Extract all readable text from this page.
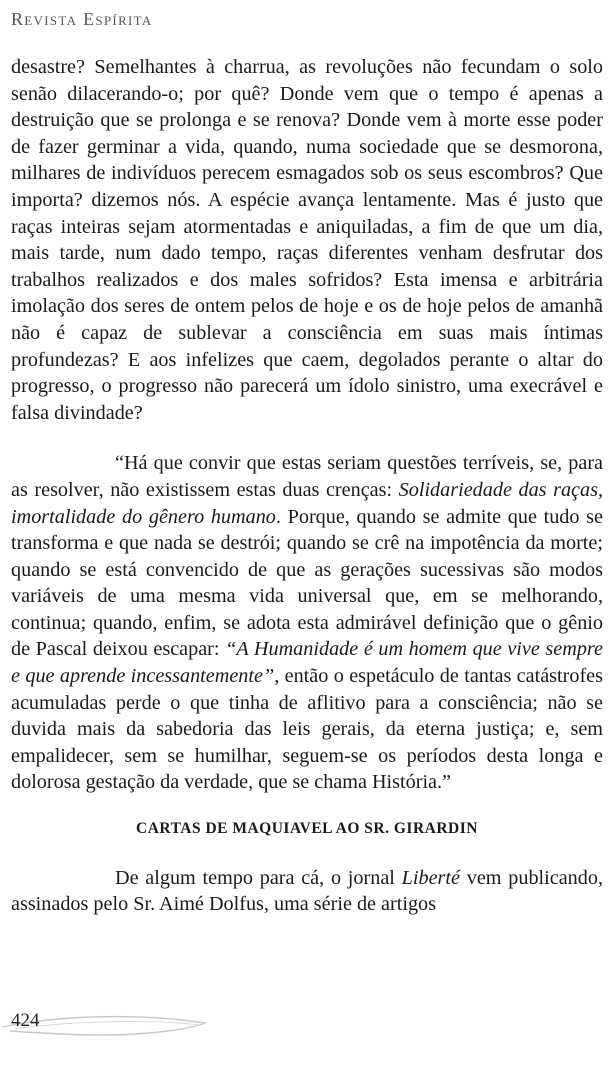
Revista Espírita

desastre? Semelhantes à charrua, as revoluções não fecundam o solo senão dilacerando-o; por quê? Donde vem que o tempo é apenas a destruição que se prolonga e se renova? Donde vem à morte esse poder de fazer germinar a vida, quando, numa sociedade que se desmorona, milhares de indivíduos perecem esmagados sob os seus escombros? Que importa? dizemos nós. A espécie avança lentamente. Mas é justo que raças inteiras sejam atormentadas e aniquiladas, a fim de que um dia, mais tarde, num dado tempo, raças diferentes venham desfrutar dos trabalhos realizados e dos males sofridos? Esta imensa e arbitrária imolação dos seres de ontem pelos de hoje e os de hoje pelos de amanhã não é capaz de sublevar a consciência em suas mais íntimas profundezas? E aos infelizes que caem, degolados perante o altar do progresso, o progresso não parecerá um ídolo sinistro, uma execrável e falsa divindade?

“Há que convir que estas seriam questões terríveis, se, para as resolver, não existissem estas duas crenças: Solidariedade das raças, imortalidade do gênero humano. Porque, quando se admite que tudo se transforma e que nada se destrói; quando se crê na impotência da morte; quando se está convencido de que as gerações sucessivas são modos variáveis de uma mesma vida universal que, em se melhorando, continua; quando, enfim, se adota esta admirável definição que o gênio de Pascal deixou escapar: “A Humanidade é um homem que vive sempre e que aprende incessantemente”, então o espetáculo de tantas catástrofes acumuladas perde o que tinha de aflitivo para a consciência; não se duvida mais da sabedoria das leis gerais, da eterna justiça; e, sem empalidecer, sem se humilhar, seguem-se os períodos desta longa e dolorosa gestação da verdade, que se chama História.”

CARTAS DE MAQUIAVEL AO SR. GIRARDIN

De algum tempo para cá, o jornal Liberté vem publicando, assinados pelo Sr. Aimé Dolfus, uma série de artigos

424
